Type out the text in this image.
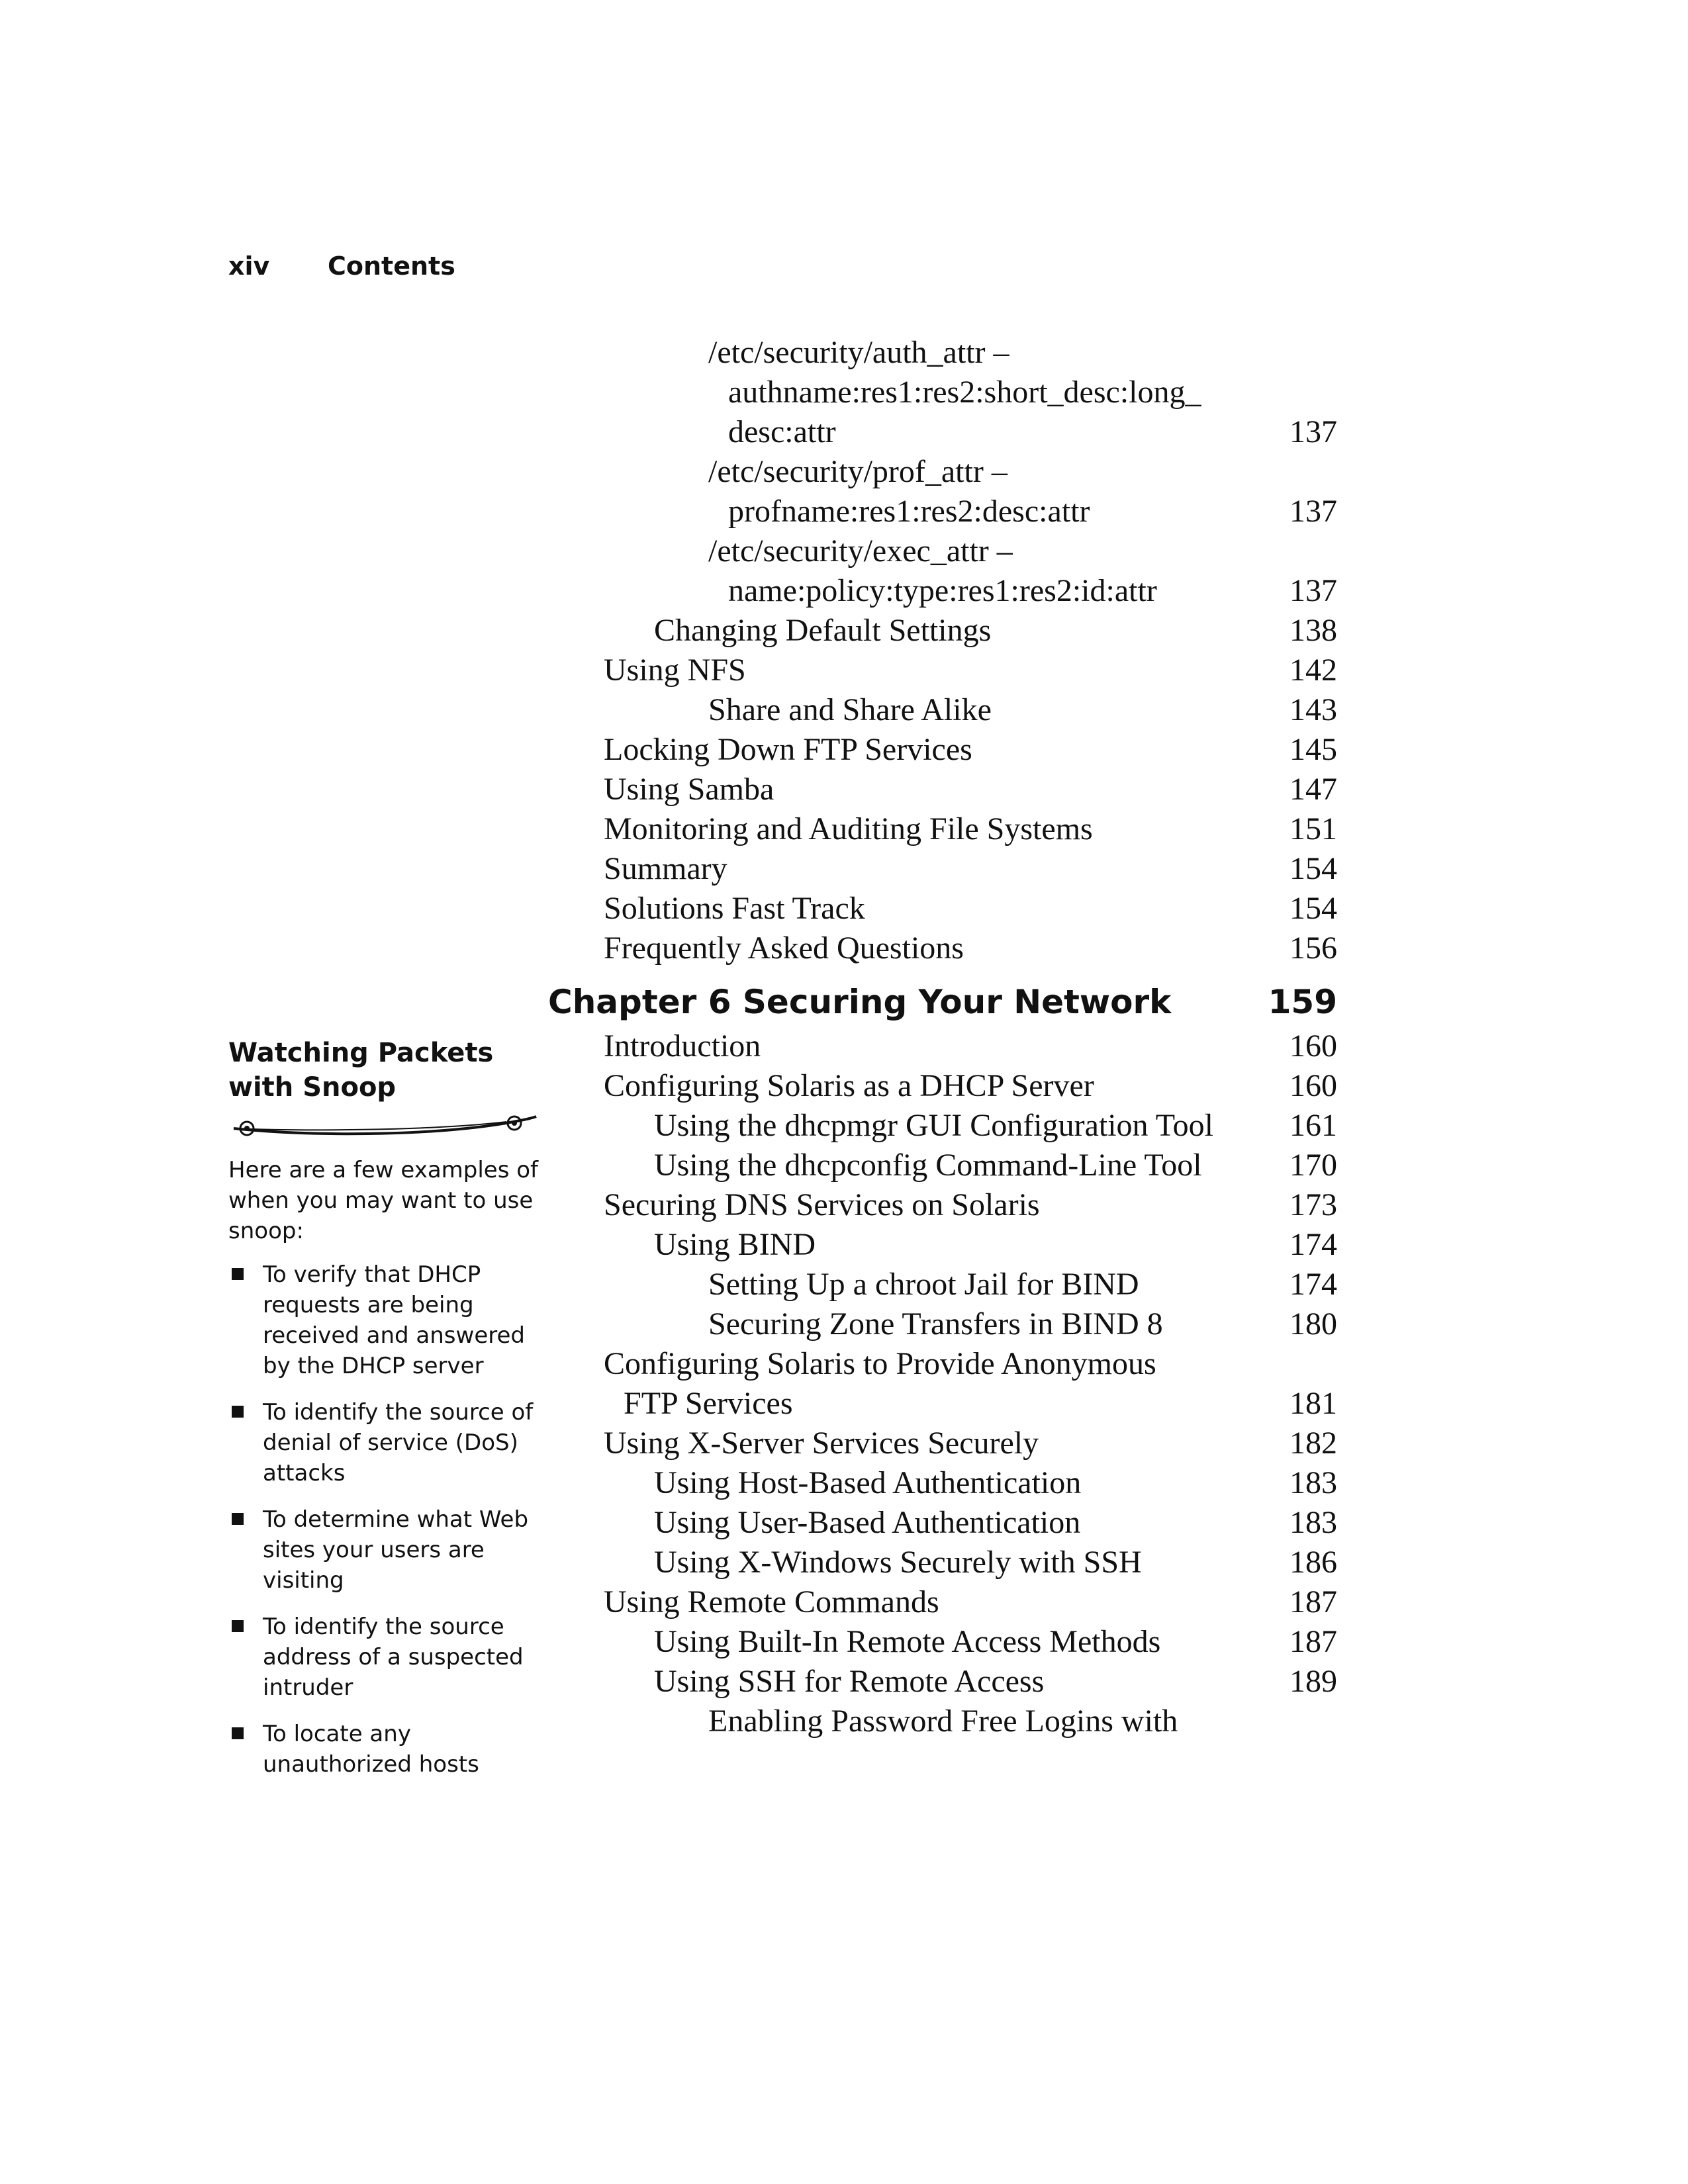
xiv Contents
/etc/security/auth_attr –
authname:res1:res2:short_desc:long_
desc:attr	137
/etc/security/prof_attr –
profname:res1:res2:desc:attr	137
/etc/security/exec_attr –
name:policy:type:res1:res2:id:attr	137
Changing Default Settings	138
Using NFS	142
Share and Share Alike	143
Locking Down FTP Services	145
Using Samba	147
Monitoring and Auditing File Systems	151
Summary	154
Solutions Fast Track	154
Frequently Asked Questions	156
Chapter 6 Securing Your Network	159
Introduction	160
Configuring Solaris as a DHCP Server	160
Using the dhcpmgr GUI Configuration Tool 161
Using the dhcpconfig Command-Line Tool	170
Securing DNS Services on Solaris	173
Using BIND	174
Setting Up a chroot Jail for BIND	174
Securing Zone Transfers in BIND 8	180
Configuring Solaris to Provide Anonymous
FTP Services	181
Using X-Server Services Securely	182
Using Host-Based Authentication	183
Using User-Based Authentication	183
Using X-Windows Securely with SSH	186
Using Remote Commands	187
Using Built-In Remote Access Methods	187
Using SSH for Remote Access	189
Enabling Password Free Logins with
Watching Packets with Snoop
Here are a few examples of when you may want to use snoop:
To verify that DHCP requests are being received and answered by the DHCP server
To identify the source of denial of service (DoS) attacks
To determine what Web sites your users are visiting
To identify the source address of a suspected intruder
To locate any unauthorized hosts
